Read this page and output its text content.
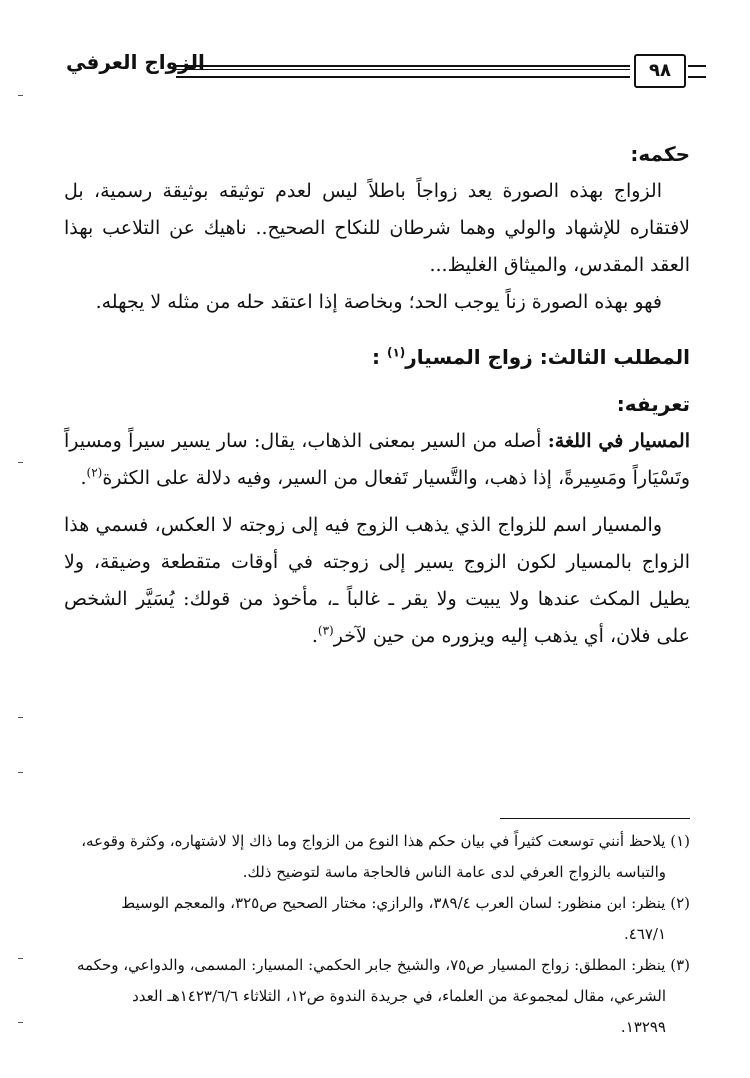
الزواج العرفي	٩٨

حكمه:

الزواج بهذه الصورة يعد زواجاً باطلاً ليس لعدم توثيقه بوثيقة رسمية، بل لافتقاره للإشهاد والولي وهما شرطان للنكاح الصحيح.. ناهيك عن التلاعب بهذا العقد المقدس، والميثاق الغليظ...

فهو بهذه الصورة زناً يوجب الحد؛ وبخاصة إذا اعتقد حله من مثله لا يجهله.

المطلب الثالث: زواج المسيار$^{(١)}$ :

تعريفه:

المسيار في اللغة: أصله من السير بمعنى الذهاب، يقال: سار يسير سيراً ومسيراً وتَسْيَاراً ومَسِيرةً، إذا ذهب، والتَّسيار تَفعال من السير، وفيه دلالة على الكثرة$^{(٢)}$.

والمسيار اسم للزواج الذي يذهب الزوج فيه إلى زوجته لا العكس، فسمي هذا الزواج بالمسيار لكون الزوج يسير إلى زوجته في أوقات متقطعة وضيقة، ولا يطيل المكث عندها ولا يبيت ولا يقر ـ غالباً ـ، مأخوذ من قولك: يُسَيَّر الشخص على فلان، أي يذهب إليه ويزوره من حين لآخر$^{(٣)}$.

(١) يلاحظ أنني توسعت كثيراً في بيان حكم هذا النوع من الزواج وما ذاك إلا لاشتهاره، وكثرة وقوعه،

والتباسه بالزواج العرفي لدى عامة الناس فالحاجة ماسة لتوضيح ذلك.

(٢) ينظر: ابن منظور: لسان العرب ٣٨٩/٤، والرازي: مختار الصحيح ص٣٢٥، والمعجم الوسيط

٤٦٧/١.

(٣) ينظر: المطلق: زواج المسيار ص٧٥، والشيخ جابر الحكمي: المسيار: المسمى، والدواعي، وحكمه

الشرعي، مقال لمجموعة من العلماء، في جريدة الندوة ص١٢، الثلاثاء ١٤٢٣/٦/٦هـ العدد

١٣٢٩٩.
